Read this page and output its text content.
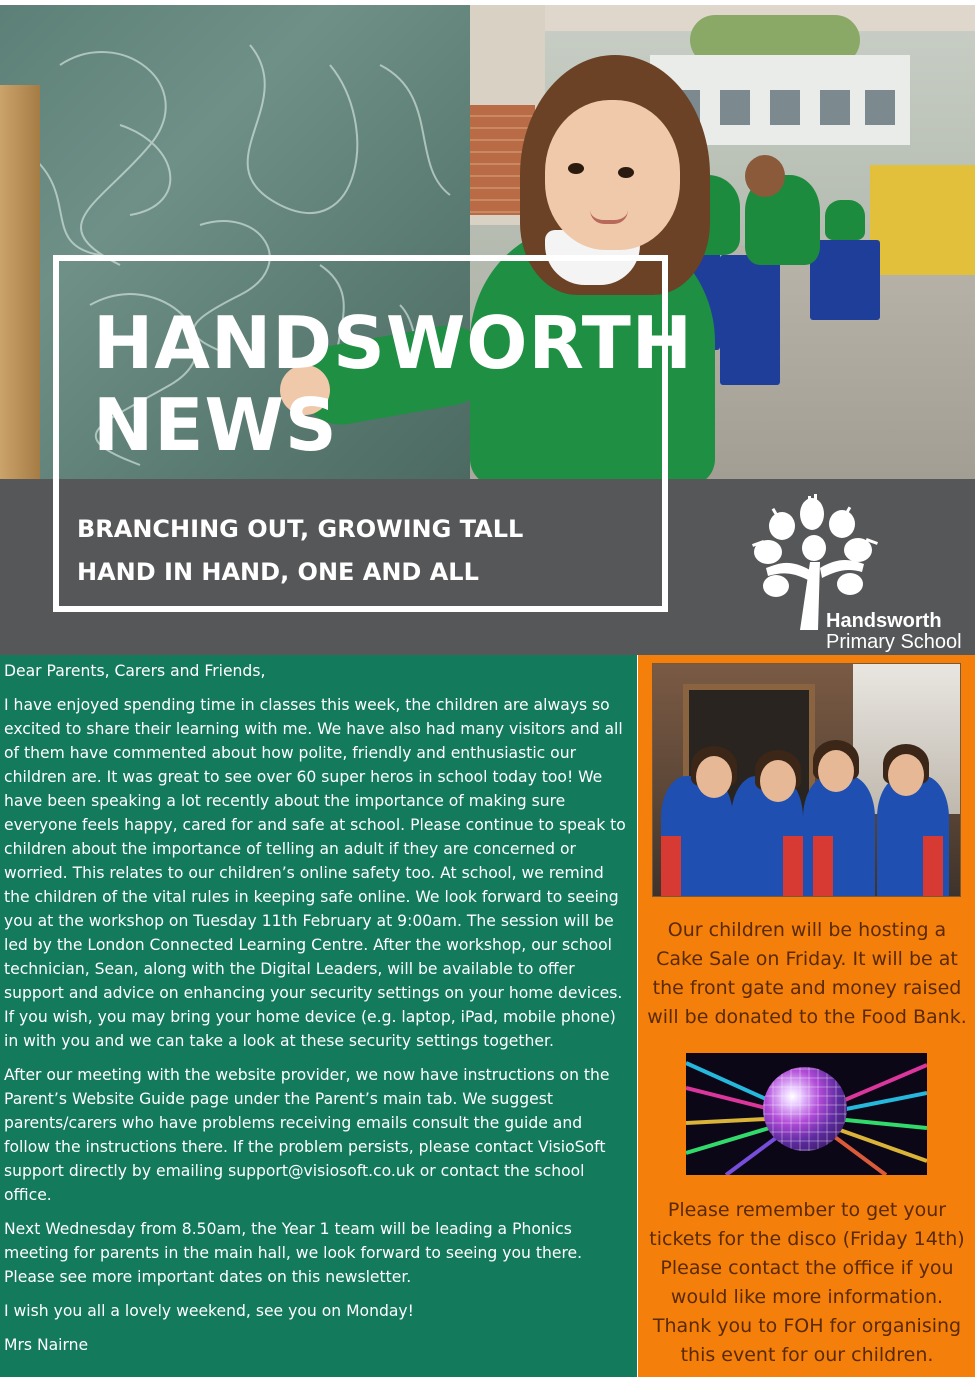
HANDSWORTH
NEWS
BRANCHING OUT, GROWING TALL
HAND IN HAND, ONE AND ALL
Handsworth
Primary School

Dear Parents, Carers and Friends,

I have enjoyed spending time in classes this week, the children are always so excited to share their learning with me. We have also had many visitors and all of them have commented about how polite, friendly and enthusiastic our children are. It was great to see over 60 super heros in school today too! We have been speaking a lot recently about the importance of making sure everyone feels happy, cared for and safe at school. Please continue to speak to children about the importance of telling an adult if they are concerned or worried. This relates to our children’s online safety too. At school, we remind the children of the vital rules in keeping safe online. We look forward to seeing you at the workshop on Tuesday 11th February at 9:00am. The session will be led by the London Connected Learning Centre. After the workshop, our school technician, Sean, along with the Digital Leaders, will be available to offer support and advice on enhancing your security settings on your home devices. If you wish, you may bring your home device (e.g. laptop, iPad, mobile phone) in with you and we can take a look at these security settings together.

After our meeting with the website provider, we now have instructions on the Parent’s Website Guide page under the Parent’s main tab. We suggest parents/carers who have problems receiving emails consult the guide and follow the instructions there. If the problem persists, please contact VisioSoft support directly by emailing support@visiosoft.co.uk or contact the school office.

Next Wednesday from 8.50am, the Year 1 team will be leading a Phonics meeting for parents in the main hall, we look forward to seeing you there. Please see more important dates on this newsletter.

I wish you all a lovely weekend, see you on Monday!

Mrs Nairne

Our children will be hosting a Cake Sale on Friday. It will be at the front gate and money raised will be donated to the Food Bank.

Please remember to get your tickets for the disco (Friday 14th) Please contact the office if you would like more information. Thank you to FOH for organising this event for our children.
